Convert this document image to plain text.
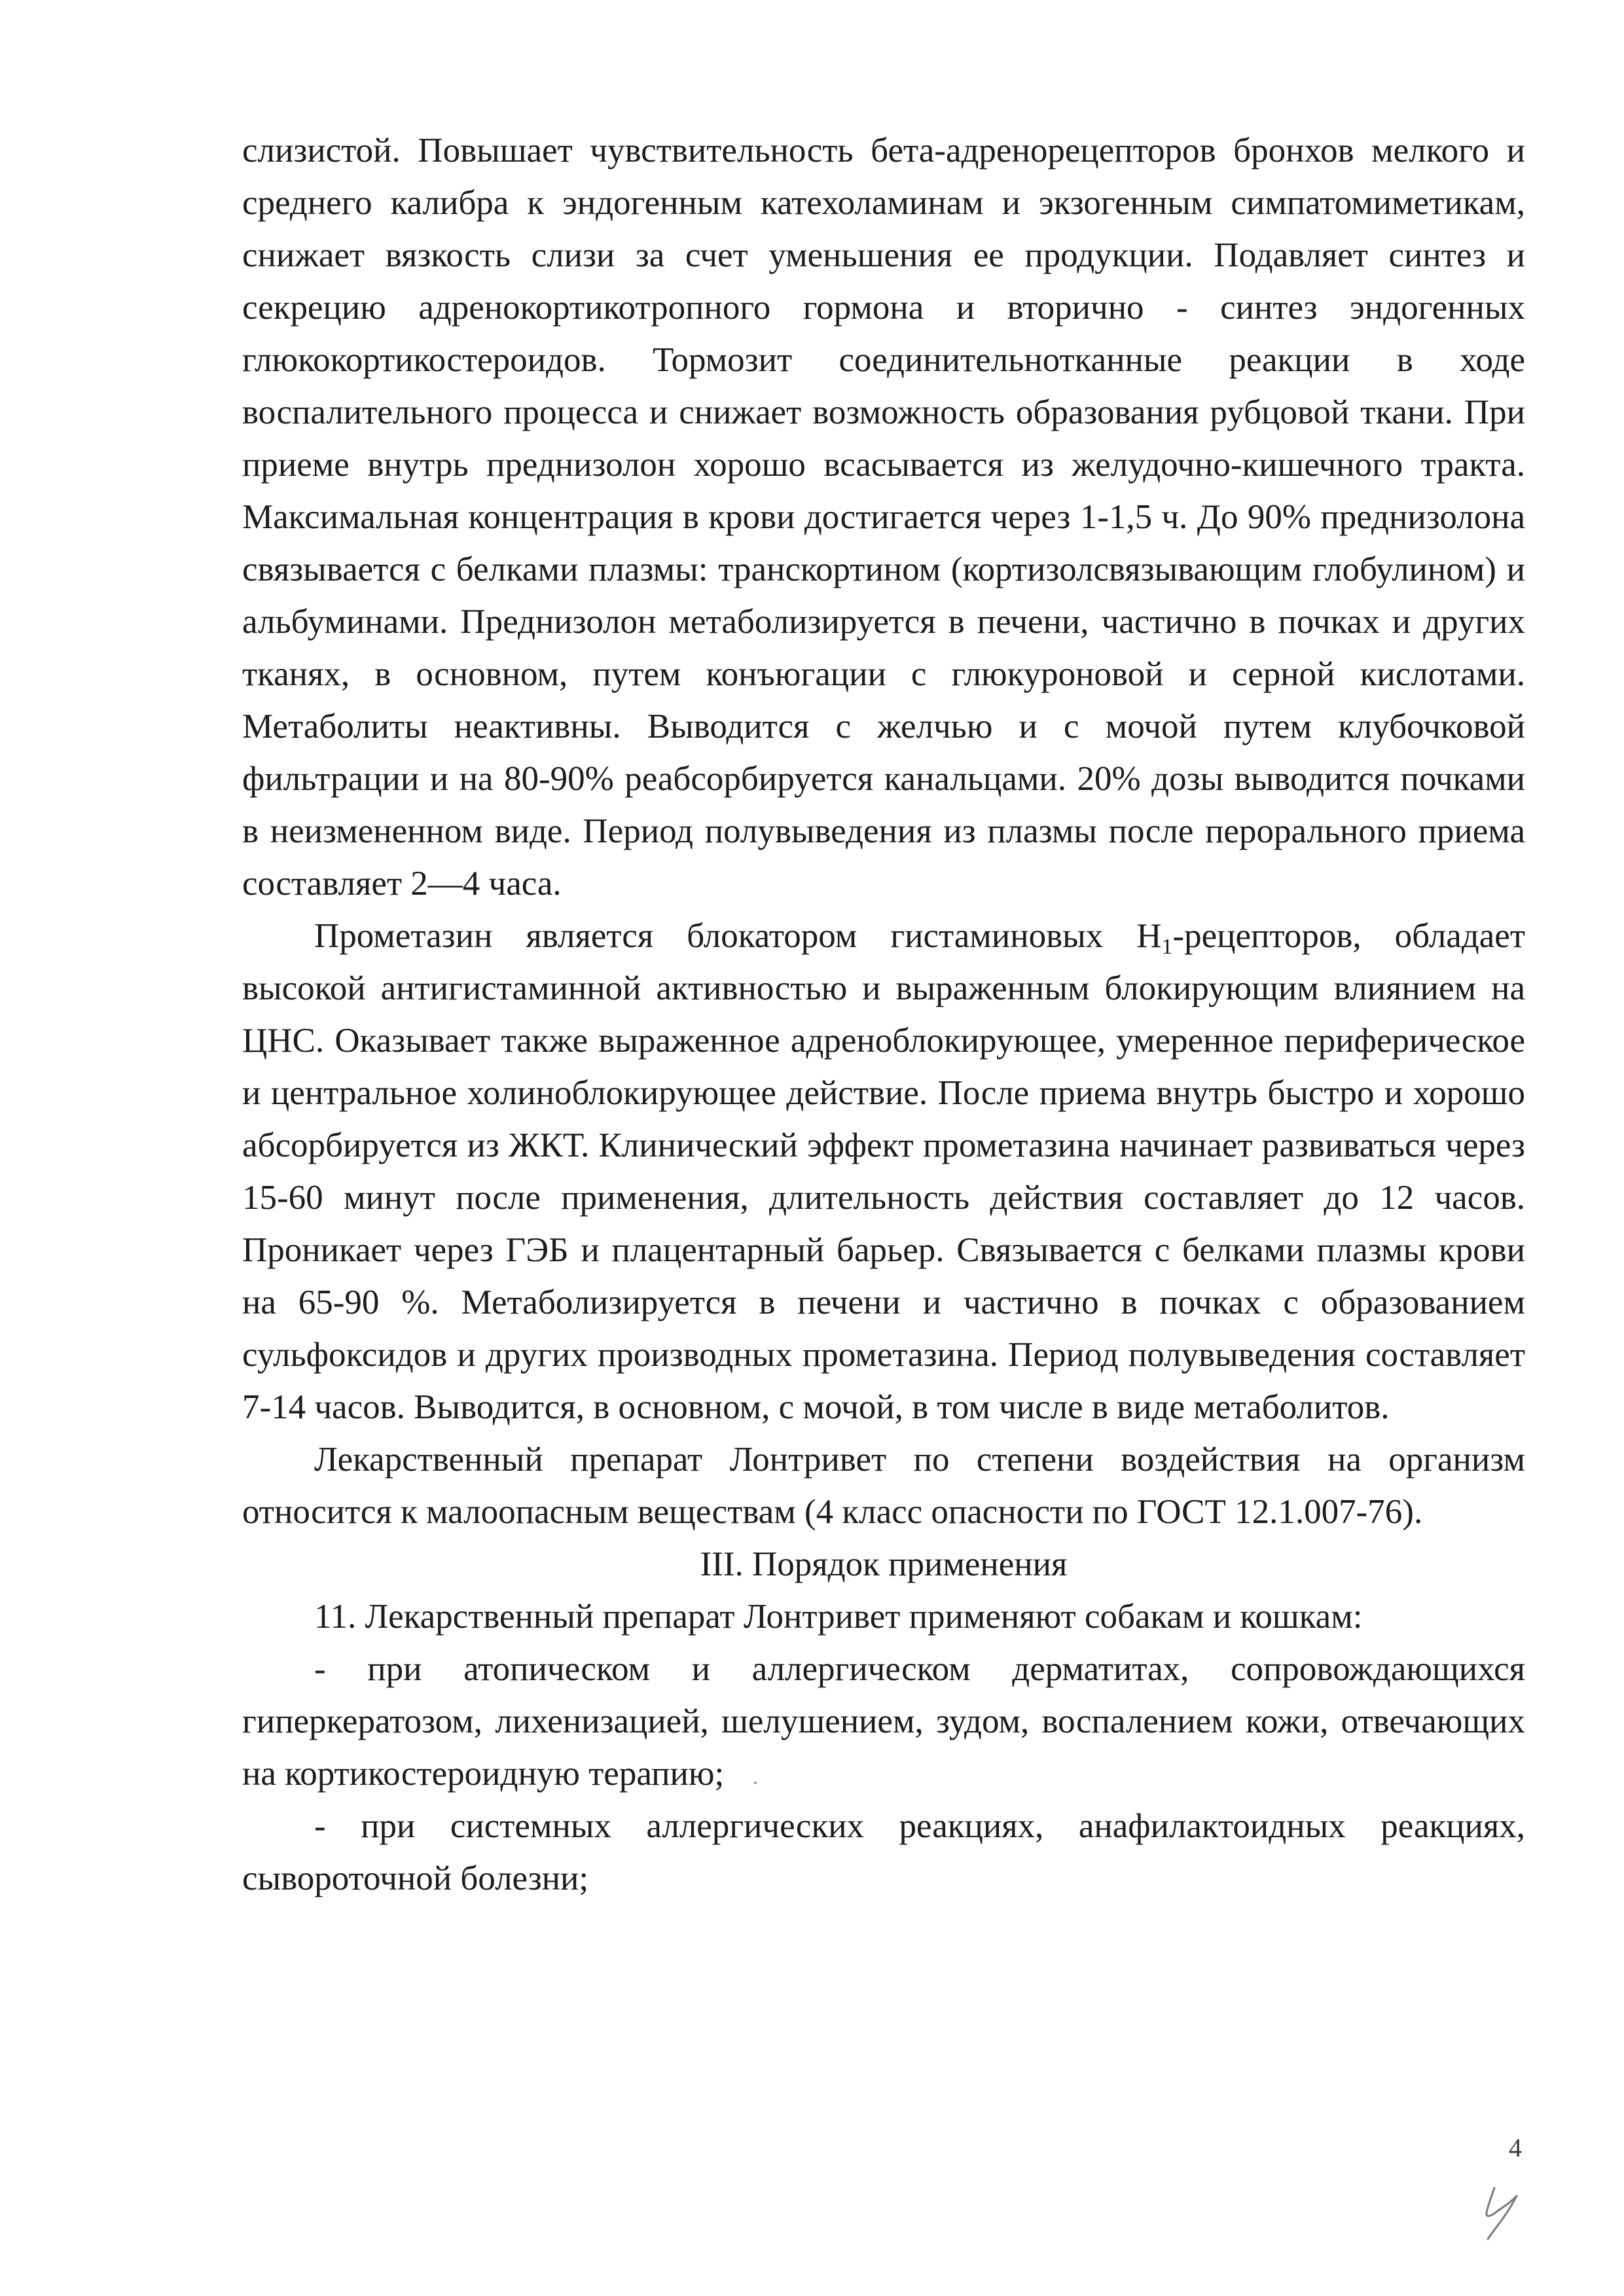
слизистой. Повышает чувствительность бета-адренорецепторов бронхов мелкого и среднего калибра к эндогенным катехоламинам и экзогенным симпатомиметикам, снижает вязкость слизи за счет уменьшения ее продукции. Подавляет синтез и секрецию адренокортикотропного гормона и вторично - синтез эндогенных глюкокортикостероидов. Тормозит соединительнотканные реакции в ходе воспалительного процесса и снижает возможность образования рубцовой ткани. При приеме внутрь преднизолон хорошо всасывается из желудочно-кишечного тракта. Максимальная концентрация в крови достигается через 1-1,5 ч. До 90% преднизолона связывается с белками плазмы: транскортином (кортизолсвязывающим глобулином) и альбуминами. Преднизолон метаболизируется в печени, частично в почках и других тканях, в основном, путем конъюгации с глюкуроновой и серной кислотами. Метаболиты неактивны. Выводится с желчью и с мочой путем клубочковой фильтрации и на 80-90% реабсорбируется канальцами. 20% дозы выводится почками в неизмененном виде. Период полувыведения из плазмы после перорального приема составляет 2—4 часа.

Прометазин является блокатором гистаминовых H1-рецепторов, обладает высокой антигистаминной активностью и выраженным блокирующим влиянием на ЦНС. Оказывает также выраженное адреноблокирующее, умеренное периферическое и центральное холиноблокирующее действие. После приема внутрь быстро и хорошо абсорбируется из ЖКТ. Клинический эффект прометазина начинает развиваться через 15-60 минут после применения, длительность действия составляет до 12 часов. Проникает через ГЭБ и плацентарный барьер. Связывается с белками плазмы крови на 65-90 %. Метаболизируется в печени и частично в почках с образованием сульфоксидов и других производных прометазина. Период полувыведения составляет 7-14 часов. Выводится, в основном, с мочой, в том числе в виде метаболитов.

Лекарственный препарат Лонтривет по степени воздействия на организм относится к малоопасным веществам (4 класс опасности по ГОСТ 12.1.007-76).

III. Порядок применения

11. Лекарственный препарат Лонтривет применяют собакам и кошкам:

- при атопическом и аллергическом дерматитах, сопровождающихся гиперкератозом, лихенизацией, шелушением, зудом, воспалением кожи, отвечающих на кортикостероидную терапию;

- при системных аллергических реакциях, анафилактоидных реакциях, сывороточной болезни;

4
